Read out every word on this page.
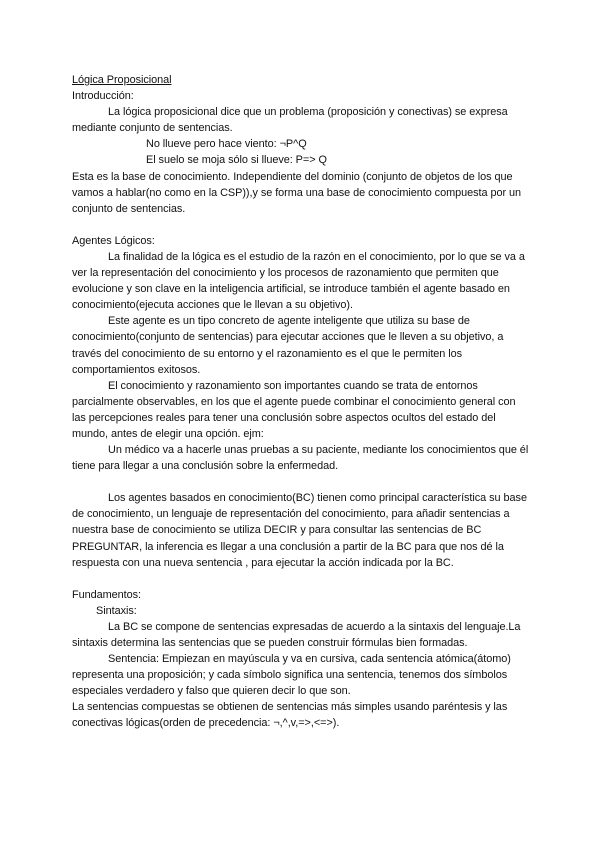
Lógica Proposicional

Introducción:

La lógica proposicional dice que un problema (proposición y conectivas) se expresa mediante conjunto de sentencias.

No llueve pero hace viento: ¬P^Q

El suelo se moja sólo si llueve: P=> Q

Esta es la base de conocimiento. Independiente del dominio (conjunto de objetos de los que vamos a hablar(no como en la CSP)),y se forma una base de conocimiento compuesta por un conjunto de sentencias.

Agentes Lógicos:

La finalidad de la lógica es el estudio de la razón en el conocimiento, por lo que se va a ver la representación del conocimiento y los procesos de razonamiento que permiten que evolucione y son clave en la inteligencia artificial, se introduce también el agente basado en conocimiento(ejecuta acciones que le llevan a su objetivo).

Este agente es un tipo concreto de agente inteligente que utiliza su base de conocimiento(conjunto de sentencias) para ejecutar acciones que le lleven a su objetivo, a través del conocimiento de su entorno y el razonamiento es el que le permiten los comportamientos exitosos.

El conocimiento y razonamiento son importantes cuando se trata de entornos parcialmente observables, en los que el agente puede combinar el conocimiento general con las percepciones reales para tener una conclusión sobre aspectos ocultos del estado del mundo, antes de elegir una opción. ejm:

Un médico va a hacerle unas pruebas a su paciente, mediante los conocimientos que él tiene para llegar a una conclusión sobre la enfermedad.

Los agentes basados en conocimiento(BC) tienen como principal característica su base de conocimiento, un lenguaje de representación del conocimiento, para añadir sentencias a nuestra base de conocimiento se utiliza DECIR y para consultar las sentencias de BC PREGUNTAR, la inferencia es llegar a una conclusión a partir de la BC para que nos dé la respuesta con una nueva sentencia , para ejecutar la acción indicada por la BC.

Fundamentos:

Sintaxis:

La BC se compone de sentencias expresadas de acuerdo a la sintaxis del lenguaje.La sintaxis determina las sentencias que se pueden construir fórmulas bien formadas.

Sentencia: Empiezan en mayúscula y va en cursiva, cada sentencia atómica(átomo) representa una proposición; y cada símbolo significa una sentencia, tenemos dos símbolos especiales verdadero y falso que quieren decir lo que son.

La sentencias compuestas se obtienen de sentencias más simples usando paréntesis y las conectivas lógicas(orden de precedencia: ¬,^,v,=>,<=>).
